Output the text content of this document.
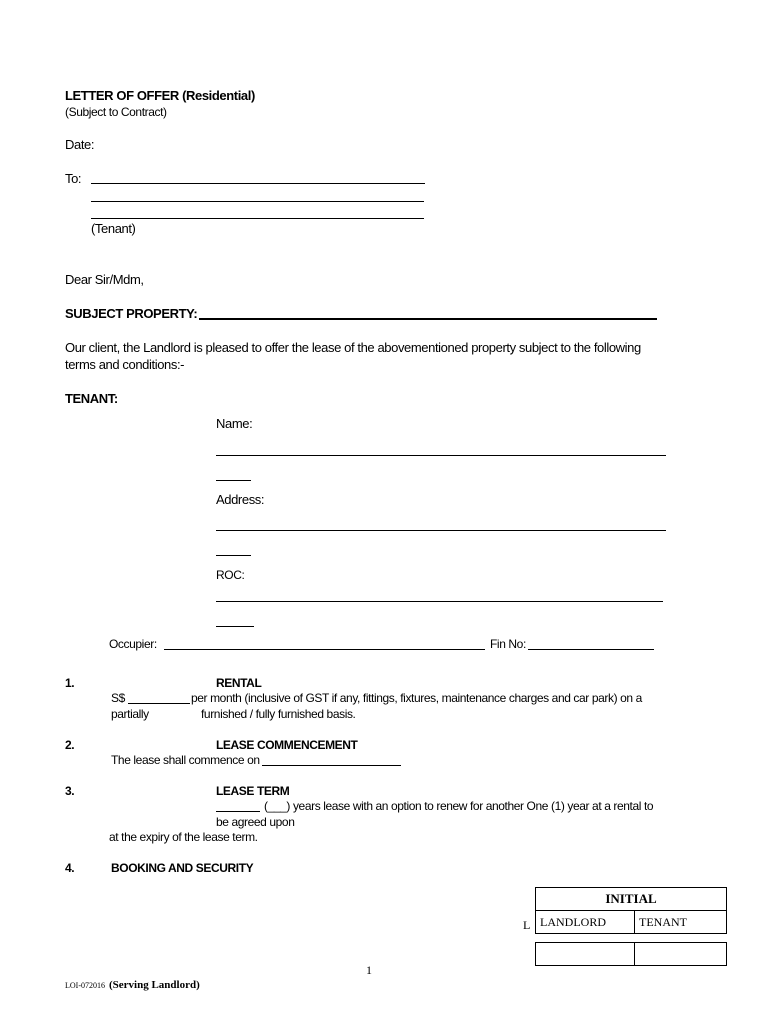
LETTER OF OFFER (Residential)
(Subject to Contract)
Date:
To:
(Tenant)
Dear Sir/Mdm,
SUBJECT PROPERTY:
Our client, the Landlord is pleased to offer the lease of the abovementioned property subject to the following
terms and conditions:-
TENANT:
Name:
Address:
ROC:
Occupier:	Fin No:
1.	RENTAL
S$	per month (inclusive of GST if any, fittings, fixtures, maintenance charges and car park) on a
partially	furnished / fully furnished basis.
2.	LEASE COMMENCEMENT
The lease shall commence on
3.	LEASE TERM
(___) years lease with an option to renew for another One (1) year at a rental to
be agreed upon
at the expiry of the lease term.
4.	BOOKING AND SECURITY
L
INITIAL
LANDLORD	TENANT

1
LOI-072016 (Serving Landlord)
